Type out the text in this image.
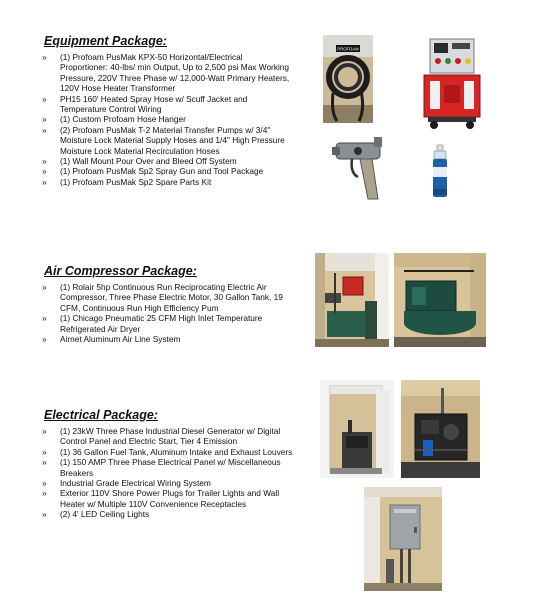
Equipment Package:
» (1) Profoam PusMak KPX-50 Horizontal/Electrical Proportioner: 40-lbs/ min Output, Up to 2,500 psi Max Working Pressure, 220V Three Phase w/ 12,000-Watt Primary Heaters, 120V Hose Heater Transformer
» PH15 160' Heated Spray Hose w/ Scuff Jacket and Temperature Control Wiring
» (1) Custom Profoam Hose Hanger
» (2) Profoam PusMak T-2 Material Transfer Pumps w/ 3/4" Moisture Lock Material Supply Hoses and 1/4" High Pressure Moisture Lock Material Recirculation Hoses
» (1) Wall Mount Pour Over and Bleed Off System
» (1) Profoam PusMak Sp2 Spray Gun and Tool Package
» (1) Profoam PusMak Sp2 Spare Parts Kit
Air Compressor Package:
» (1) Rolair 5hp Continuous Run Reciprocating Electric Air Compressor, Three Phase Electric Motor, 30 Gallon Tank, 19 CFM, Continuous Run High Efficiency Pum
» (1) Chicago Pneumatic 25 CFM High Inlet Temperature Refrigerated Air Dryer
» Airnet Aluminum Air Line System
Electrical Package:
» (1) 23kW Three Phase Industrial Diesel Generator w/ Digital Control Panel and Electric Start, Tier 4 Emission
» (1) 36 Gallon Fuel Tank, Aluminum Intake and Exhaust Louvers
» (1) 150 AMP Three Phase Electrical Panel w/ Miscellaneous Breakers
» Industrial Grade Electrical Wiring System
» Exterior 110V Shore Power Plugs for Trailer Lights and Wall Heater w/ Multiple 110V Convenience Receptacles
» (2) 4' LED Ceiling Lights
PROFOAM
